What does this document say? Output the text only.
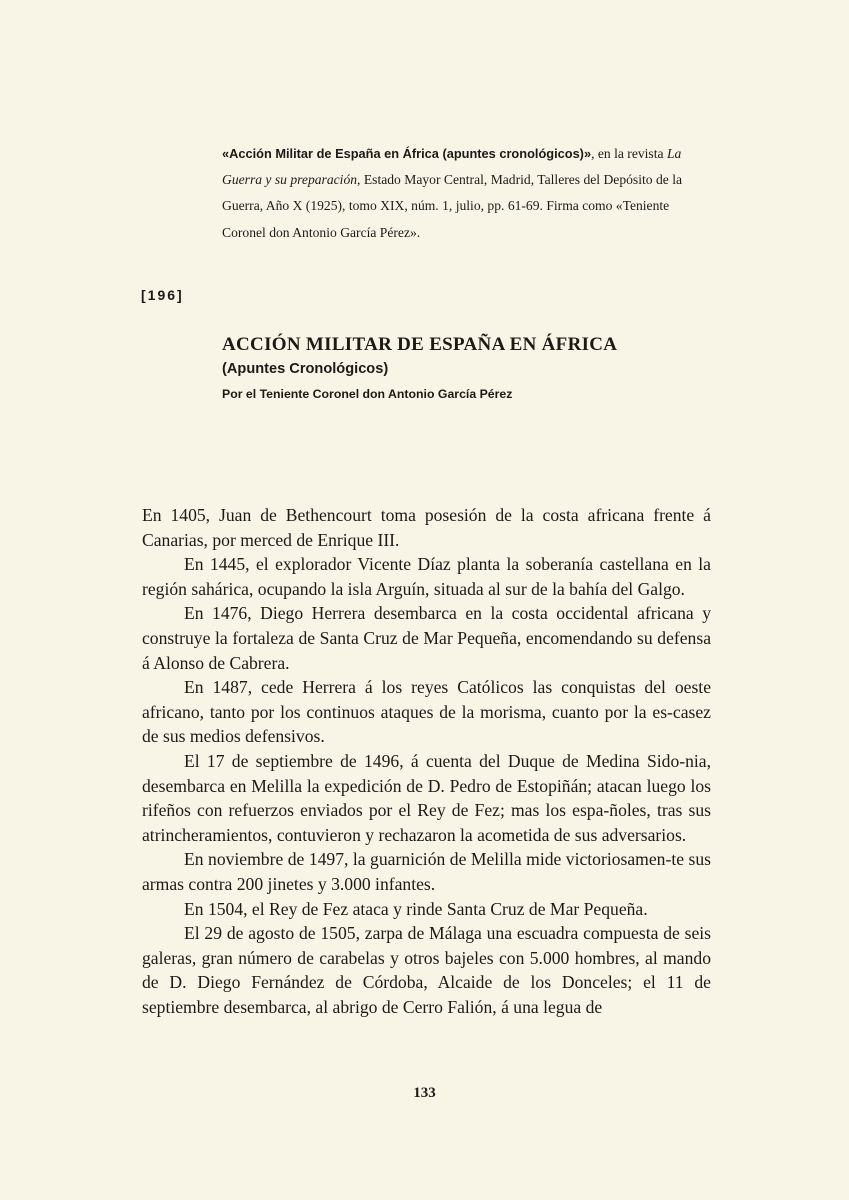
«Acción Militar de España en África (apuntes cronológicos)», en la revista La Guerra y su preparación, Estado Mayor Central, Madrid, Talleres del Depósito de la Guerra, Año X (1925), tomo XIX, núm. 1, julio, pp. 61-69. Firma como «Teniente Coronel don Antonio García Pérez».
[196]
ACCIÓN MILITAR DE ESPAÑA EN ÁFRICA
(Apuntes Cronológicos)
Por el Teniente Coronel don Antonio García Pérez

En 1405, Juan de Bethencourt toma posesión de la costa africana frente á Canarias, por merced de Enrique III.

En 1445, el explorador Vicente Díaz planta la soberanía castellana en la región sahárica, ocupando la isla Arguín, situada al sur de la bahía del Galgo.

En 1476, Diego Herrera desembarca en la costa occidental africana y construye la fortaleza de Santa Cruz de Mar Pequeña, encomendando su defensa á Alonso de Cabrera.

En 1487, cede Herrera á los reyes Católicos las conquistas del oeste africano, tanto por los continuos ataques de la morisma, cuanto por la es-casez de sus medios defensivos.

El 17 de septiembre de 1496, á cuenta del Duque de Medina Sido-nia, desembarca en Melilla la expedición de D. Pedro de Estopiñán; atacan luego los rifeños con refuerzos enviados por el Rey de Fez; mas los espa-ñoles, tras sus atrincheramientos, contuvieron y rechazaron la acometida de sus adversarios.

En noviembre de 1497, la guarnición de Melilla mide victoriosamen-te sus armas contra 200 jinetes y 3.000 infantes.

En 1504, el Rey de Fez ataca y rinde Santa Cruz de Mar Pequeña.

El 29 de agosto de 1505, zarpa de Málaga una escuadra compuesta de seis galeras, gran número de carabelas y otros bajeles con 5.000 hombres, al mando de D. Diego Fernández de Córdoba, Alcaide de los Donceles; el 11 de septiembre desembarca, al abrigo de Cerro Falión, á una legua de

133
